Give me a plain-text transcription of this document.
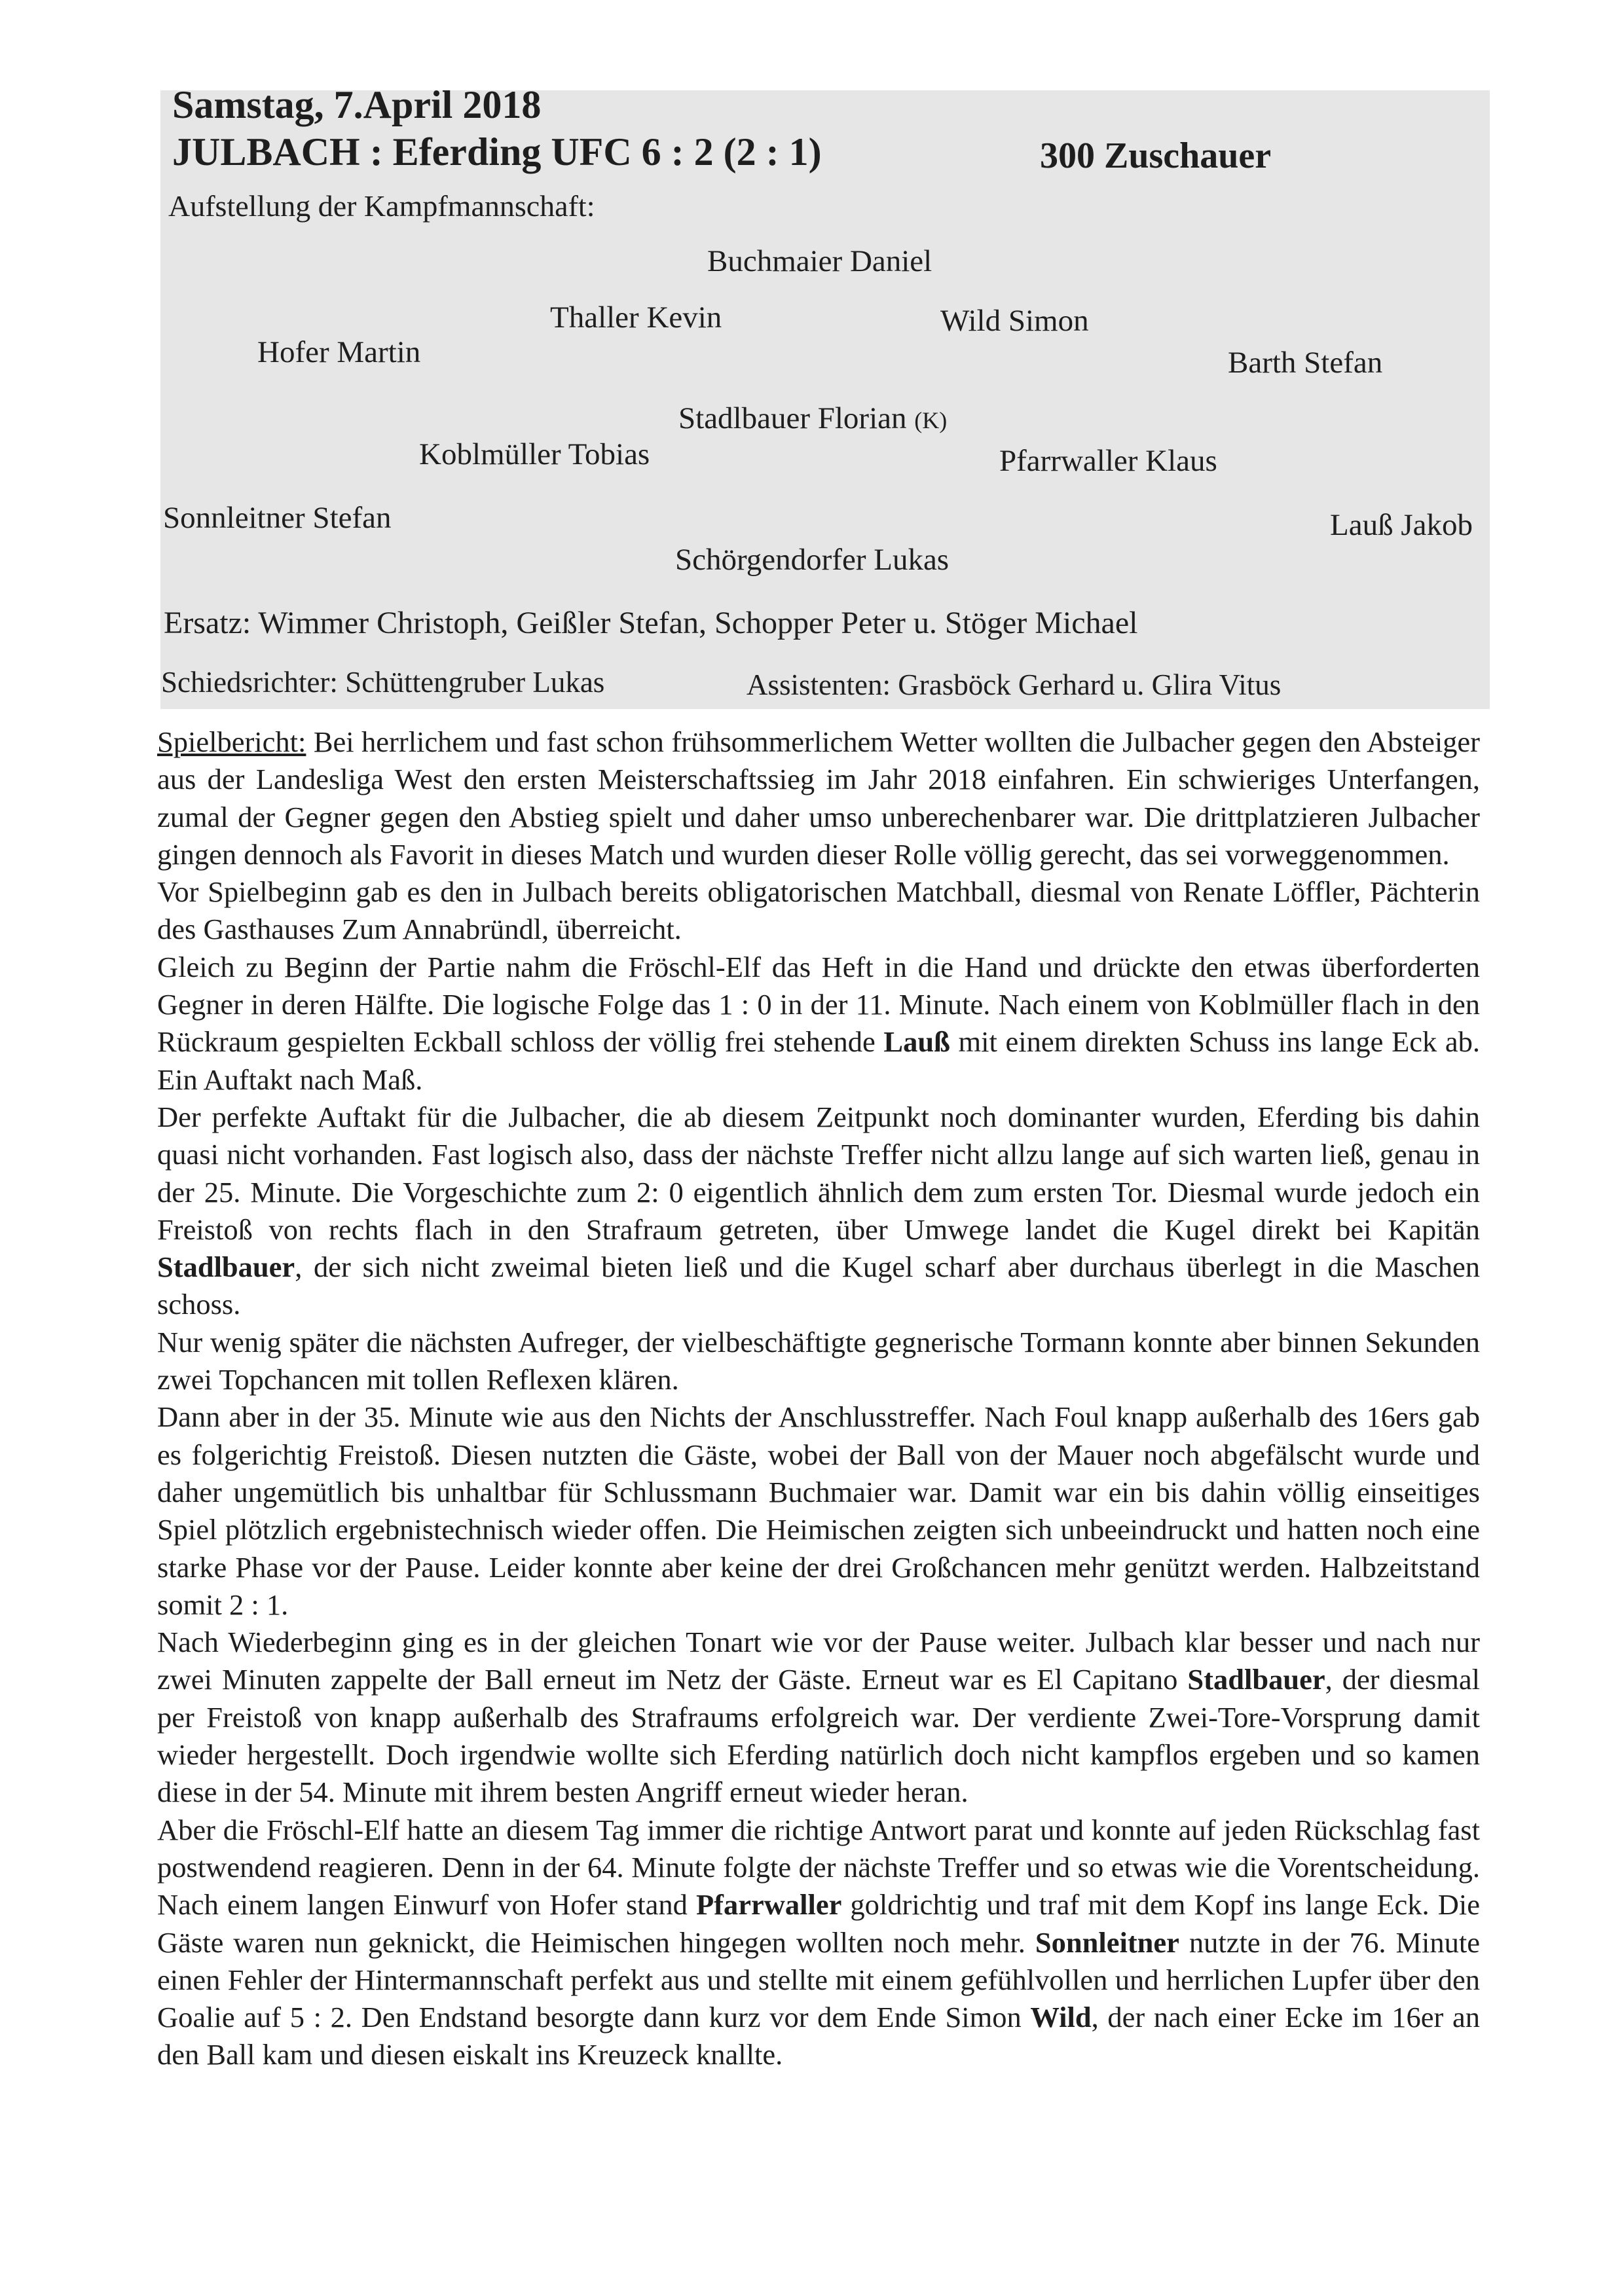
Samstag, 7.April 2018
JULBACH : Eferding UFC 6 : 2 (2 : 1)	300 Zuschauer
Aufstellung der Kampfmannschaft:
Buchmaier Daniel
Thaller Kevin	Wild Simon
Hofer Martin	Barth Stefan
Stadlbauer Florian (K)
Koblmüller Tobias	Pfarrwaller Klaus
Sonnleitner Stefan	Lauß Jakob
Schörgendorfer Lukas
Ersatz: Wimmer Christoph, Geißler Stefan, Schopper Peter u. Stöger Michael
Schiedsrichter: Schüttengruber Lukas	Assistenten: Grasböck Gerhard u. Glira Vitus

Spielbericht: Bei herrlichem und fast schon frühsommerlichem Wetter wollten die Julbacher gegen den Absteiger aus der Landesliga West den ersten Meisterschaftssieg im Jahr 2018 einfahren. Ein schwieriges Unterfangen, zumal der Gegner gegen den Abstieg spielt und daher umso unberechenbarer war. Die drittplatzieren Julbacher gingen dennoch als Favorit in dieses Match und wurden dieser Rolle völlig gerecht, das sei vorweggenommen.

Vor Spielbeginn gab es den in Julbach bereits obligatorischen Matchball, diesmal von Renate Löffler, Pächterin des Gasthauses Zum Annabründl, überreicht.

Gleich zu Beginn der Partie nahm die Fröschl-Elf das Heft in die Hand und drückte den etwas überforderten Gegner in deren Hälfte. Die logische Folge das 1 : 0 in der 11. Minute. Nach einem von Koblmüller flach in den Rückraum gespielten Eckball schloss der völlig frei stehende Lauß mit einem direkten Schuss ins lange Eck ab. Ein Auftakt nach Maß.

Der perfekte Auftakt für die Julbacher, die ab diesem Zeitpunkt noch dominanter wurden, Eferding bis dahin quasi nicht vorhanden. Fast logisch also, dass der nächste Treffer nicht allzu lange auf sich warten ließ, genau in der 25. Minute. Die Vorgeschichte zum 2: 0 eigentlich ähnlich dem zum ersten Tor. Diesmal wurde jedoch ein Freistoß von rechts flach in den Strafraum getreten, über Umwege landet die Kugel direkt bei Kapitän Stadlbauer, der sich nicht zweimal bieten ließ und die Kugel scharf aber durchaus überlegt in die Maschen schoss.

Nur wenig später die nächsten Aufreger, der vielbeschäftigte gegnerische Tormann konnte aber binnen Sekunden zwei Topchancen mit tollen Reflexen klären.

Dann aber in der 35. Minute wie aus den Nichts der Anschlusstreffer. Nach Foul knapp außerhalb des 16ers gab es folgerichtig Freistoß. Diesen nutzten die Gäste, wobei der Ball von der Mauer noch abgefälscht wurde und daher ungemütlich bis unhaltbar für Schlussmann Buchmaier war. Damit war ein bis dahin völlig einseitiges Spiel plötzlich ergebnistechnisch wieder offen. Die Heimischen zeigten sich unbeeindruckt und hatten noch eine starke Phase vor der Pause. Leider konnte aber keine der drei Großchancen mehr genützt werden. Halbzeitstand somit 2 : 1.

Nach Wiederbeginn ging es in der gleichen Tonart wie vor der Pause weiter. Julbach klar besser und nach nur zwei Minuten zappelte der Ball erneut im Netz der Gäste. Erneut war es El Capitano Stadlbauer, der diesmal per Freistoß von knapp außerhalb des Strafraums erfolgreich war. Der verdiente Zwei-Tore-Vorsprung damit wieder hergestellt. Doch irgendwie wollte sich Eferding natürlich doch nicht kampflos ergeben und so kamen diese in der 54. Minute mit ihrem besten Angriff erneut wieder heran.

Aber die Fröschl-Elf hatte an diesem Tag immer die richtige Antwort parat und konnte auf jeden Rückschlag fast postwendend reagieren. Denn in der 64. Minute folgte der nächste Treffer und so etwas wie die Vorentscheidung. Nach einem langen Einwurf von Hofer stand Pfarrwaller goldrichtig und traf mit dem Kopf ins lange Eck. Die Gäste waren nun geknickt, die Heimischen hingegen wollten noch mehr. Sonnleitner nutzte in der 76. Minute einen Fehler der Hintermannschaft perfekt aus und stellte mit einem gefühlvollen und herrlichen Lupfer über den Goalie auf 5 : 2. Den Endstand besorgte dann kurz vor dem Ende Simon Wild, der nach einer Ecke im 16er an den Ball kam und diesen eiskalt ins Kreuzeck knallte.
